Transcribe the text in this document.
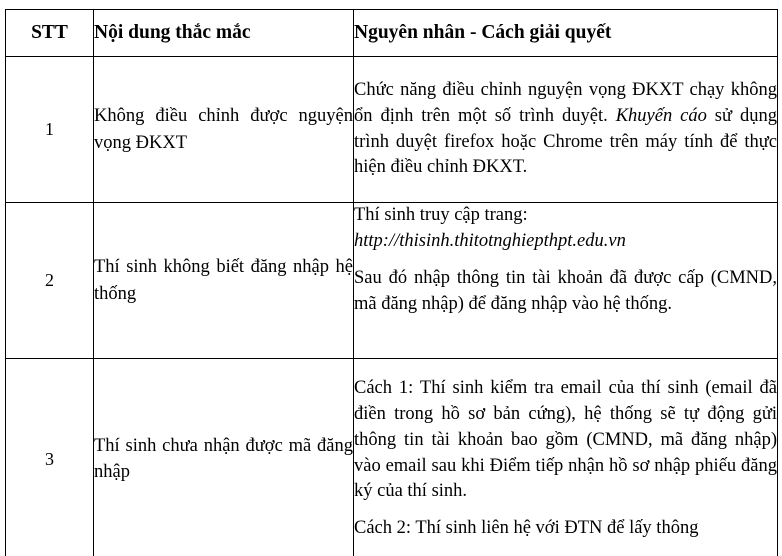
STT	Nội dung thắc mắc	Nguyên nhân - Cách giải quyết
1	Không điều chỉnh được nguyện vọng ĐKXT	Chức năng điều chỉnh nguyện vọng ĐKXT chạy không ổn định trên một số trình duyệt. Khuyến cáo sử dụng trình duyệt firefox hoặc Chrome trên máy tính để thực hiện điều chỉnh ĐKXT.

2	Thí sinh không biết đăng nhập hệ thống	Thí sinh truy cập trang:

http://thisinh.thitotnghiepthpt.edu.vn

Sau đó nhập thông tin tài khoản đã được cấp (CMND, mã đăng nhập) để đăng nhập vào hệ thống.

3	Thí sinh chưa nhận được mã đăng nhập	Cách 1: Thí sinh kiểm tra email của thí sinh (email đã điền trong hồ sơ bản cứng), hệ thống sẽ tự động gửi thông tin tài khoản bao gồm (CMND, mã đăng nhập) vào email sau khi Điểm tiếp nhận hồ sơ nhập phiếu đăng ký của thí sinh.

Cách 2: Thí sinh liên hệ với ĐTN để lấy thông
